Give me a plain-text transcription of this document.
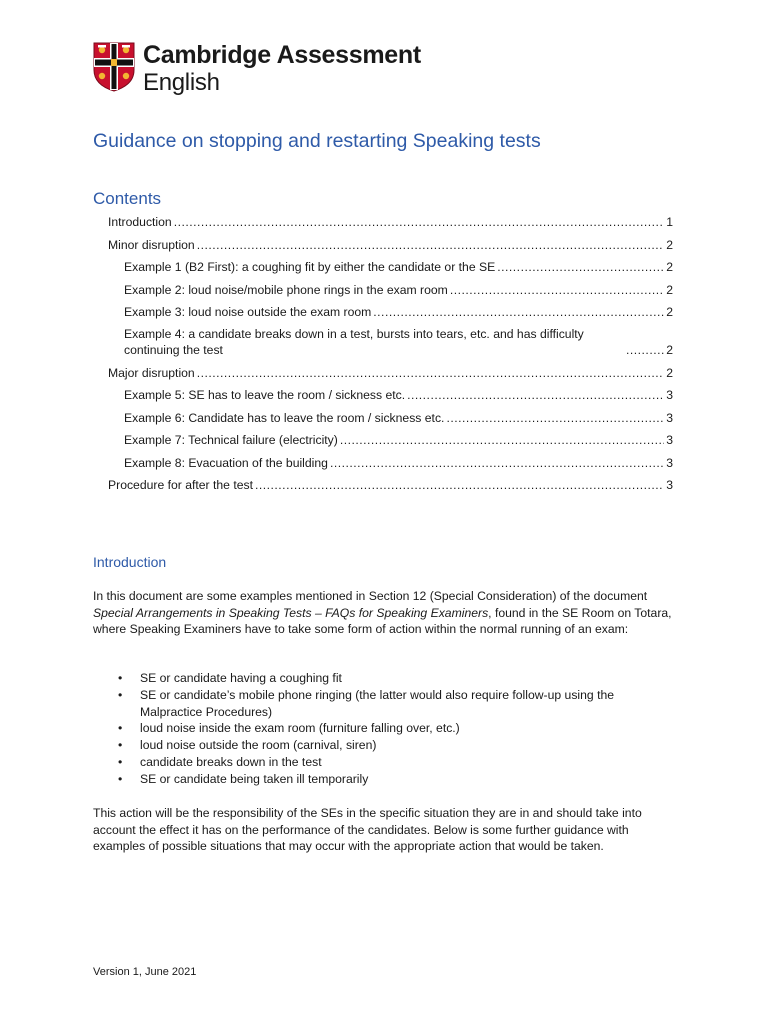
Cambridge Assessment
English
Guidance on stopping and restarting Speaking tests
Contents
Introduction .....	1
Minor disruption .....	2
Example 1 (B2 First): a coughing fit by either the candidate or the SE .....	2
Example 2: loud noise/mobile phone rings in the exam room .....	2
Example 3: loud noise outside the exam room .....	2
Example 4: a candidate breaks down in a test, bursts into tears, etc. and has difficulty continuing the test .....	2
Major disruption .....	2
Example 5: SE has to leave the room / sickness etc. .....	3
Example 6: Candidate has to leave the room / sickness etc. .....	3
Example 7: Technical failure (electricity) .....	3
Example 8: Evacuation of the building .....	3
Procedure for after the test .....	3
Introduction

In this document are some examples mentioned in Section 12 (Special Consideration) of the document Special Arrangements in Speaking Tests – FAQs for Speaking Examiners, found in the SE Room on Totara, where Speaking Examiners have to take some form of action within the normal running of an exam:

• SE or candidate having a coughing fit
• SE or candidate’s mobile phone ringing (the latter would also require follow-up using the Malpractice Procedures)
• loud noise inside the exam room (furniture falling over, etc.)
• loud noise outside the room (carnival, siren)
• candidate breaks down in the test
• SE or candidate being taken ill temporarily

This action will be the responsibility of the SEs in the specific situation they are in and should take into account the effect it has on the performance of the candidates. Below is some further guidance with examples of possible situations that may occur with the appropriate action that would be taken.

Version 1, June 2021
